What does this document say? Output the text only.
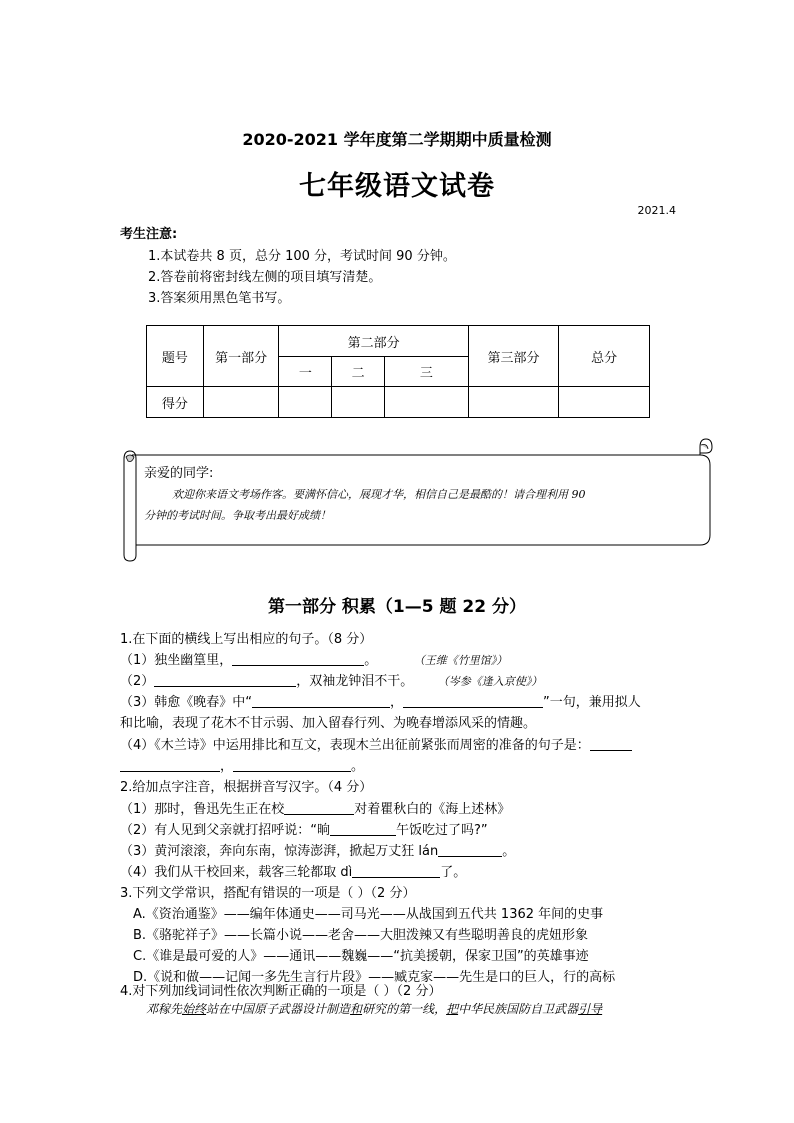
2020-2021 学年度第二学期期中质量检测
七年级语文试卷
2021.4
考生注意:
1.本试卷共 8 页，总分 100 分，考试时间 90 分钟。
2.答卷前将密封线左侧的项目填写清楚。
3.答案须用黑色笔书写。
题号	第一部分	第二部分			第三部分	总分
		一	二	三		
得分						
亲爱的同学:
欢迎你来语文考场作客。要满怀信心，展现才华，相信自己是最酷的！请合理利用 90
分钟的考试时间。争取考出最好成绩！
第一部分 积累（1—5 题 22 分）
1.在下面的横线上写出相应的句子。（8 分）
（1）独坐幽篁里，	。	（王维《竹里馆》）
（2）	，双袖龙钟泪不干。	（岑参《逢入京使》）
（3）韩愈《晚春》中“	，	”一句，兼用拟人
和比喻，表现了花木不甘示弱、加入留春行列、为晚春增添风采的情趣。
（4）《木兰诗》中运用排比和互文，表现木兰出征前紧张而周密的准备的句子是：
，	。
2.给加点字注音，根据拼音写汉字。（4 分）
（1）那时，鲁迅先生正在校	对着瞿秋白的《海上述林》
（2）有人见到父亲就打招呼说：“晌	午饭吃过了吗?”
（3）黄河滚滚，奔向东南，惊涛澎湃，掀起万丈狂 lán	。
（4）我们从干校回来，载客三轮都取 dì	了。
3.下列文学常识，搭配有错误的一项是（ ）（2 分）
A.《资治通鉴》——编年体通史——司马光——从战国到五代共 1362 年间的史事
B.《骆驼祥子》——长篇小说——老舍——大胆泼辣又有些聪明善良的虎妞形象
C.《谁是最可爱的人》——通讯——魏巍——“抗美援朝，保家卫国”的英雄事迹
D.《说和做——记闻一多先生言行片段》——臧克家——先生是口的巨人，行的高标
4.对下列加线词词性依次判断正确的一项是（ ）（2 分）
邓稼先始终站在中国原子武器设计制造和研究的第一线，把中华民族国防自卫武器引导
